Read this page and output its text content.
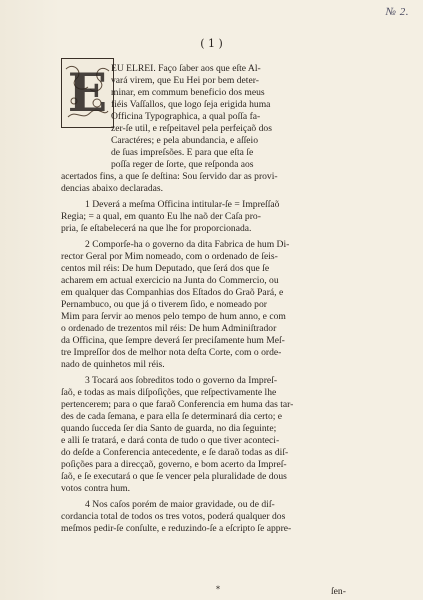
№ 2.
( 1 )
E EU ELREI. Faço ſaber aos que eſte Al-
vará virem, que Eu Hei por bem deter-
minar, em commum beneficio dos meus
fiéis Vaſſallos, que logo ſeja erigida huma
Officina Typographica, a qual poſſa fa-
zer-ſe util, e reſpeitavel pela perfeiçaõ dos
Caractéres; e pela abundancia, e aſſeio
de ſuas impreſsões. E para que eſta ſe
poſſa reger de ſorte, que reſponda aos
acertados fins, a que ſe deſtina: Sou ſervido dar as provi-
dencias abaixo declaradas.
1 Deverá a meſma Officina intitular-ſe = Impreſſaõ
Regia; = a qual, em quanto Eu lhe naõ der Caſa pro-
pria, ſe eſtabelecerá na que lhe for proporcionada.
2 Comporſe-ha o governo da dita Fabrica de hum Di-
rector Geral por Mim nomeado, com o ordenado de ſeis-
centos mil réis: De hum Deputado, que ſerá dos que ſe
acharem em actual exercicio na Junta do Commercio, ou
em qualquer das Companhias dos Eſtados do Graõ Pará, e
Pernambuco, ou que já o tiverem ſido, e nomeado por
Mim para ſervir ao menos pelo tempo de hum anno, e com
o ordenado de trezentos mil réis: De hum Adminiſtrador
da Officina, que ſempre deverá ſer preciſamente hum Meſ-
tre Impreſſor dos de melhor nota deſta Corte, com o orde-
nado de quinhetos mil réis.
3 Tocará aos ſobreditos todo o governo da Impreſ-
ſaõ, e todas as mais diſpoſições, que reſpectivamente lhe
pertencerem; para o que faraõ Conferencia em huma das tar-
des de cada ſemana, e para ella ſe determinará dia certo; e
quando ſucceda ſer dia Santo de guarda, no dia ſeguinte;
e alli ſe tratará, e dará conta de tudo o que tiver aconteci-
do deſde a Conferencia antecedente, e ſe daraõ todas as diſ-
poſições para a direcçaõ, governo, e bom acerto da Impreſ-
ſaõ, e ſe executará o que ſe vencer pela pluralidade de dous
votos contra hum.
4 Nos caſos porém de maior gravidade, ou de diſ-
cordancia total de todos os tres votos, poderá qualquer dos
meſmos pedir-ſe conſulte, e reduzindo-ſe a eſcripto ſe appre-
*	ſen-
